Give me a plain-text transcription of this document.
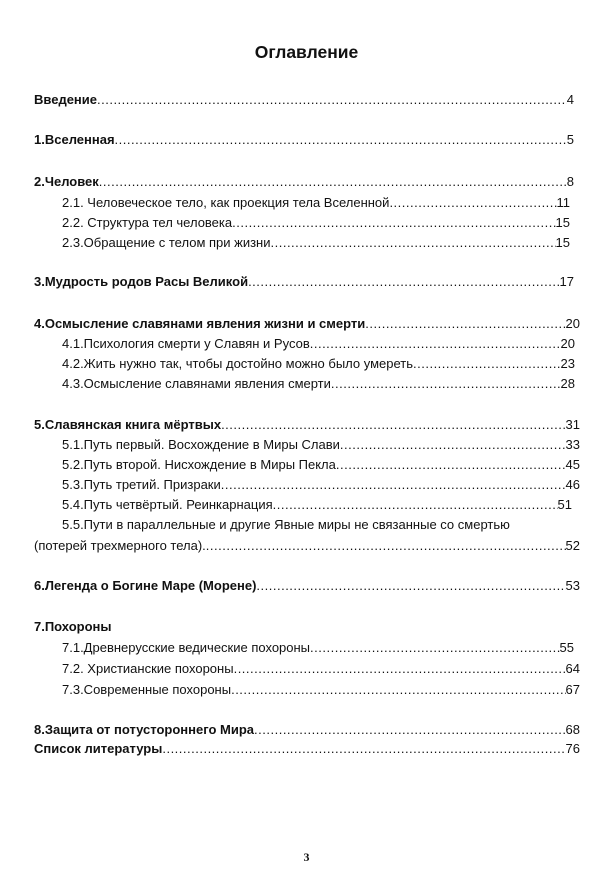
Оглавление
Введение .....	4
1.Вселенная .....	5
2.Человек .....	8
2.1. Человеческое тело, как проекция тела Вселенной .....	11
2.2. Структура тел человека .....	15
2.3.Обращение с телом при жизни .....	15
3.Мудрость родов Расы Великой .....	17
4.Осмысление славянами явления жизни и смерти .....	20
4.1.Психология смерти у Славян и Русов .....	20
4.2.Жить нужно так, чтобы достойно можно было умереть .....	23
4.3.Осмысление славянами явления смерти .....	28
5.Славянская книга мёртвых .....	31
5.1.Путь первый. Восхождение в Миры Слави .....	33
5.2.Путь второй. Нисхождение в Миры Пекла .....	45
5.3.Путь третий. Призраки .....	46
5.4.Путь четвёртый. Реинкарнация .....	51
5.5.Пути в параллельные и другие Явные миры не связанные со смертью
(потерей трехмерного тела). .....	52
6.Легенда о Богине Маре (Морене) .....	53
7.Похороны
7.1.Древнерусские ведические похороны .....	55
7.2. Христианские похороны .....	64
7.3.Современные похороны .....	67
8.Защита от потустороннего Мира .....	68
Список литературы .....	76
3
